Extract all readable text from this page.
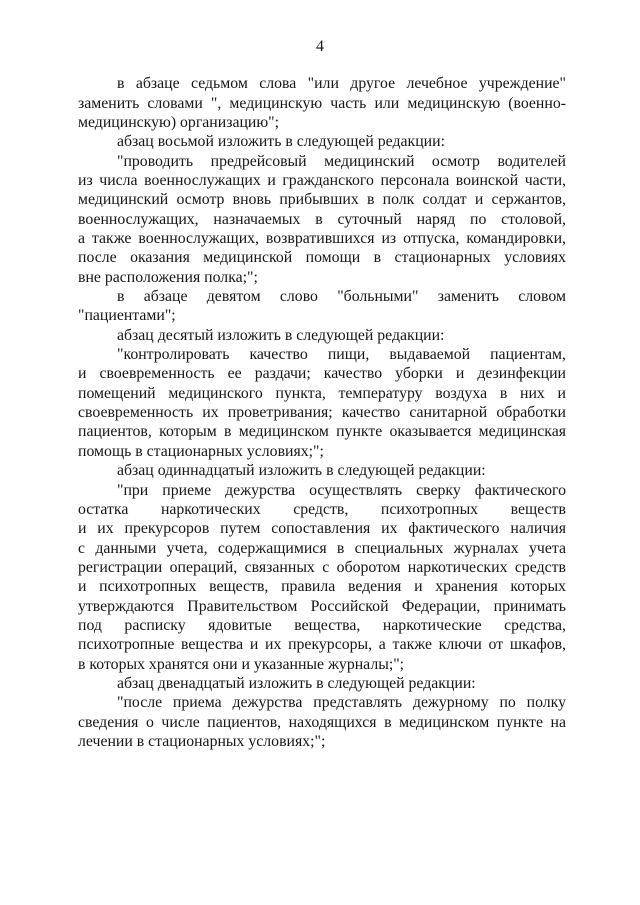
4
в абзаце седьмом слова "или другое лечебное учреждение"
заменить словами ", медицинскую часть или медицинскую (военно-
медицинскую) организацию";
абзац восьмой изложить в следующей редакции:
"проводить предрейсовый медицинский осмотр водителей
из числа военнослужащих и гражданского персонала воинской части,
медицинский осмотр вновь прибывших в полк солдат и сержантов,
военнослужащих, назначаемых в суточный наряд по столовой,
а также военнослужащих, возвратившихся из отпуска, командировки,
после оказания медицинской помощи в стационарных условиях
вне расположения полка;";
в абзаце девятом слово "больными" заменить словом
"пациентами";
абзац десятый изложить в следующей редакции:
"контролировать качество пищи, выдаваемой пациентам,
и своевременность ее раздачи; качество уборки и дезинфекции
помещений медицинского пункта, температуру воздуха в них и
своевременность их проветривания; качество санитарной обработки
пациентов, которым в медицинском пункте оказывается медицинская
помощь в стационарных условиях;";
абзац одиннадцатый изложить в следующей редакции:
"при приеме дежурства осуществлять сверку фактического
остатка наркотических средств, психотропных веществ
и их прекурсоров путем сопоставления их фактического наличия
с данными учета, содержащимися в специальных журналах учета
регистрации операций, связанных с оборотом наркотических средств
и психотропных веществ, правила ведения и хранения которых
утверждаются Правительством Российской Федерации, принимать
под расписку ядовитые вещества, наркотические средства,
психотропные вещества и их прекурсоры, а также ключи от шкафов,
в которых хранятся они и указанные журналы;";
абзац двенадцатый изложить в следующей редакции:
"после приема дежурства представлять дежурному по полку
сведения о числе пациентов, находящихся в медицинском пункте на
лечении в стационарных условиях;";
